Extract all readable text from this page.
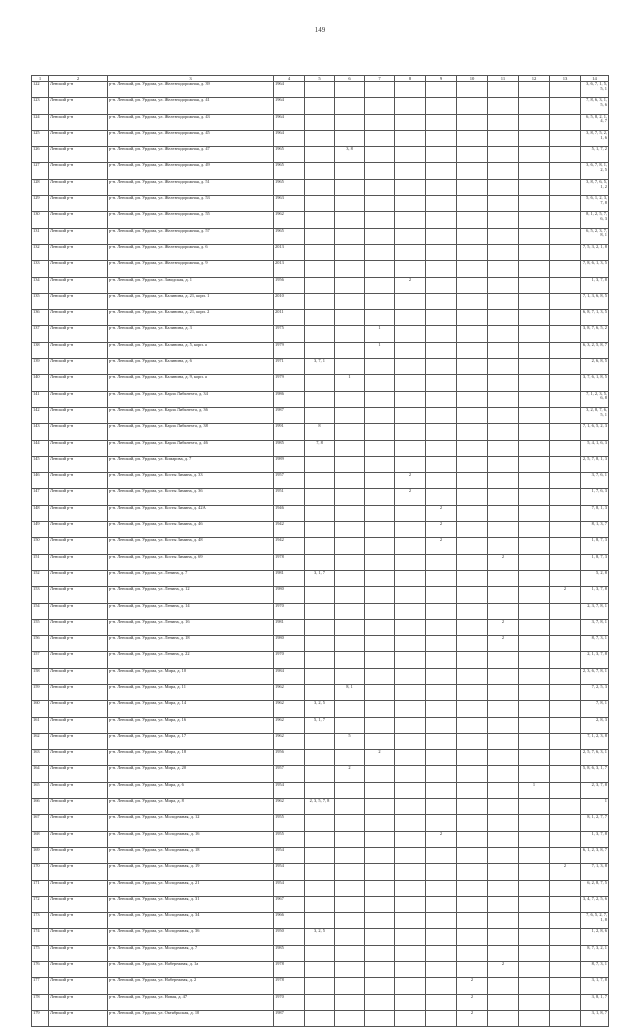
149
1	2	3	4	5	6	7	8	9	10	11	12	13	14
122	Ленский р-н	р-н. Ленский, рп. Урдома, ул. Железнодорожная, д. 39	1964										3, 6, 7, 1, 5, 5, 1
123	Ленский р-н	р-н. Ленский, рп. Урдома, ул. Железнодорожная, д. 41	1964										7, 8, 6, 3, 1, 5, 6
124	Ленский р-н	р-н. Ленский, рп. Урдома, ул. Железнодорожная, д. 43	1964										6, 5, 8, 2, 1, 4, 7
125	Ленский р-н	р-н. Ленский, рп. Урдома, ул. Железнодорожная, д. 45	1964										3, 8, 7, 5, 2, 1, 6
126	Ленский р-н	р-н. Ленский, рп. Урдома, ул. Железнодорожная, д. 47	1965		3, 8								5, 1, 7, 2
127	Ленский р-н	р-н. Ленский, рп. Урдома, ул. Железнодорожная, д. 49	1965										3, 6, 7, 8, 1, 2, 5
128	Ленский р-н	р-н. Ленский, рп. Урдома, ул. Железнодорожная, д. 51	1965										3, 8, 7, 6, 5, 1, 2
129	Ленский р-н	р-н. Ленский, рп. Урдома, ул. Железнодорожная, д. 53	1963										5, 6, 1, 2, 3, 7, 8
130	Ленский р-н	р-н. Ленский, рп. Урдома, ул. Железнодорожная, д. 55	1962										8, 1, 2, 5, 7, 6, 3
131	Ленский р-н	р-н. Ленский, рп. Урдома, ул. Железнодорожная, д. 57	1965										6, 5, 2, 3, 7, 8, 1
132	Ленский р-н	р-н. Ленский, рп. Урдома, ул. Железнодорожная, д. 6	2013										7, 5, 3, 2, 1, 8
133	Ленский р-н	р-н. Ленский, рп. Урдома, ул. Железнодорожная, д. 9	2013										7, 8, 6, 1, 3, 5
134	Ленский р-н	р-н. Ленский, рп. Урдома, ул. Заводская, д. 1	1956				2						1, 3, 7, 8
135	Ленский р-н	р-н. Ленский, рп. Урдома, ул. Калинина, д. 21, корп. 1	2010										7, 1, 3, 6, 8, 5
136	Ленский р-н	р-н. Ленский, рп. Урдома, ул. Калинина, д. 21, корп. 2	2011										6, 8, 7, 1, 3, 5
137	Ленский р-н	р-н. Ленский, рп. Урдома, ул. Калинина, д. 3	1975			1							3, 8, 7, 6, 5, 2
138	Ленский р-н	р-н. Ленский, рп. Урдома, ул. Калинина, д. 5, корп. а	1979			1							6, 3, 2, 5, 8, 7
139	Ленский р-н	р-н. Ленский, рп. Урдома, ул. Калинина, д. 6	1971	3, 7, 1									2, 6, 8, 5
140	Ленский р-н	р-н. Ленский, рп. Урдома, ул. Калинина, д. 9, корп. а	1979		1								3, 7, 6, 1, 8, 5
141	Ленский р-н	р-н. Ленский, рп. Урдома, ул. Карла Либкнехта, д. 34	1986										7, 1, 2, 3, 5, 6, 8
142	Ленский р-н	р-н. Ленский, рп. Урдома, ул. Карла Либкнехта, д. 36	1987										3, 2, 8, 7, 6, 5, 1
143	Ленский р-н	р-н. Ленский, рп. Урдома, ул. Карла Либкнехта, д. 38	1991	8									7, 1, 6, 5, 2, 3
144	Ленский р-н	р-н. Ленский, рп. Урдома, ул. Карла Либкнехта, д. 46	1985	7, 8									5, 4, 1, 6, 3
145	Ленский р-н	р-н. Ленский, рп. Урдома, ул. Комарова, д. 7	1989										2, 5, 7, 8, 1, 3
146	Ленский р-н	р-н. Ленский, рп. Урдома, ул. Косты Зимина, д. 33	1957				2						3, 7, 6, 1
147	Ленский р-н	р-н. Ленский, рп. Урдома, ул. Косты Зимина, д. 36	1951				2						1, 7, 6, 3
148	Ленский р-н	р-н. Ленский, рп. Урдома, ул. Косты Зимина, д. 42А	1946					2					7, 8, 1, 3
149	Ленский р-н	р-н. Ленский, рп. Урдома, ул. Косты Зимина, д. 46	1942					2					8, 1, 3, 7
150	Ленский р-н	р-н. Ленский, рп. Урдома, ул. Косты Зимина, д. 48	1942					2					1, 8, 7, 3
151	Ленский р-н	р-н. Ленский, рп. Урдома, ул. Косты Зимина, д. 69	1978							2			1, 8, 7, 3
152	Ленский р-н	р-н. Ленский, рп. Урдома, ул. Ленина, д. 7	1981	3, 1, 7									5, 2, 8
153	Ленский р-н	р-н. Ленский, рп. Урдома, ул. Ленина, д. 12	1980									2	1, 3, 7, 8
154	Ленский р-н	р-н. Ленский, рп. Урдома, ул. Ленина, д. 14	1970										2, 3, 7, 8, 1
155	Ленский р-н	р-н. Ленский, рп. Урдома, ул. Ленина, д. 16	1981							2			3, 7, 8, 1
156	Ленский р-н	р-н. Ленский, рп. Урдома, ул. Ленина, д. 18	1980							2			8, 7, 3, 1
157	Ленский р-н	р-н. Ленский, рп. Урдома, ул. Ленина, д. 22	1970										2, 1, 3, 7, 8
158	Ленский р-н	р-н. Ленский, рп. Урдома, ул. Мира, д. 10	1984										2, 3, 6, 7, 8, 1
159	Ленский р-н	р-н. Ленский, рп. Урдома, ул. Мира, д. 11	1962		8, 1								7, 2, 5, 3
160	Ленский р-н	р-н. Ленский, рп. Урдома, ул. Мира, д. 14	1962	3, 2, 5									7, 8, 1
161	Ленский р-н	р-н. Ленский, рп. Урдома, ул. Мира, д. 16	1962	5, 1, 7									2, 8, 3
162	Ленский р-н	р-н. Ленский, рп. Урдома, ул. Мира, д. 17	1962		5								7, 1, 2, 3, 8
163	Ленский р-н	р-н. Ленский, рп. Урдома, ул. Мира, д. 18	1956			2							2, 5, 7, 6, 3, 1
164	Ленский р-н	р-н. Ленский, рп. Урдома, ул. Мира, д. 20	1957		2								5, 8, 6, 3, 1, 7
165	Ленский р-н	р-н. Ленский, рп. Урдома, ул. Мира, д. 6	1954								1		2, 3, 7, 8
166	Ленский р-н	р-н. Ленский, рп. Урдома, ул. Мира, д. 8	1962	2, 3, 5, 7, 8									1
167	Ленский р-н	р-н. Ленский, рп. Урдома, ул. Молодежная, д. 12	1955										8, 1, 2, 7, 7
168	Ленский р-н	р-н. Ленский, рп. Урдома, ул. Молодежная, д. 16	1955					2					1, 3, 7, 8
169	Ленский р-н	р-н. Ленский, рп. Урдома, ул. Молодежная, д. 18	1954										6, 1, 2, 3, 8, 7
170	Ленский р-н	р-н. Ленский, рп. Урдома, ул. Молодежная, д. 19	1954									2	7, 1, 3, 8
171	Ленский р-н	р-н. Ленский, рп. Урдома, ул. Молодежная, д. 21	1954										6, 2, 8, 7, 5
172	Ленский р-н	р-н. Ленский, рп. Урдома, ул. Молодежная, д. 31	1967										3, 4, 7, 2, 5, 6
173	Ленский р-н	р-н. Ленский, рп. Урдома, ул. Молодежная, д. 34	1966										7, 6, 5, 2, 7, 1, 8
174	Ленский р-н	р-н. Ленский, рп. Урдома, ул. Молодежная, д. 36	1950	3, 2, 5									1, 2, 8, 6
175	Ленский р-н	р-н. Ленский, рп. Урдома, ул. Молодежная, д. 7	1985										8, 7, 3, 2, 1
176	Ленский р-н	р-н. Ленский, рп. Урдома, ул. Набережная, д. 1а	1978							2			8, 7, 3, 1
177	Ленский р-н	р-н. Ленский, рп. Урдома, ул. Набережная, д. 2	1978						2				3, 1, 7, 8
178	Ленский р-н	р-н. Ленский, рп. Урдома, ул. Новая, д. 47	1970						2				3, 8, 1, 7
179	Ленский р-н	р-н. Ленский, рп. Урдома, ул. Октябрьская, д. 10	1987						2				3, 1, 8, 7
